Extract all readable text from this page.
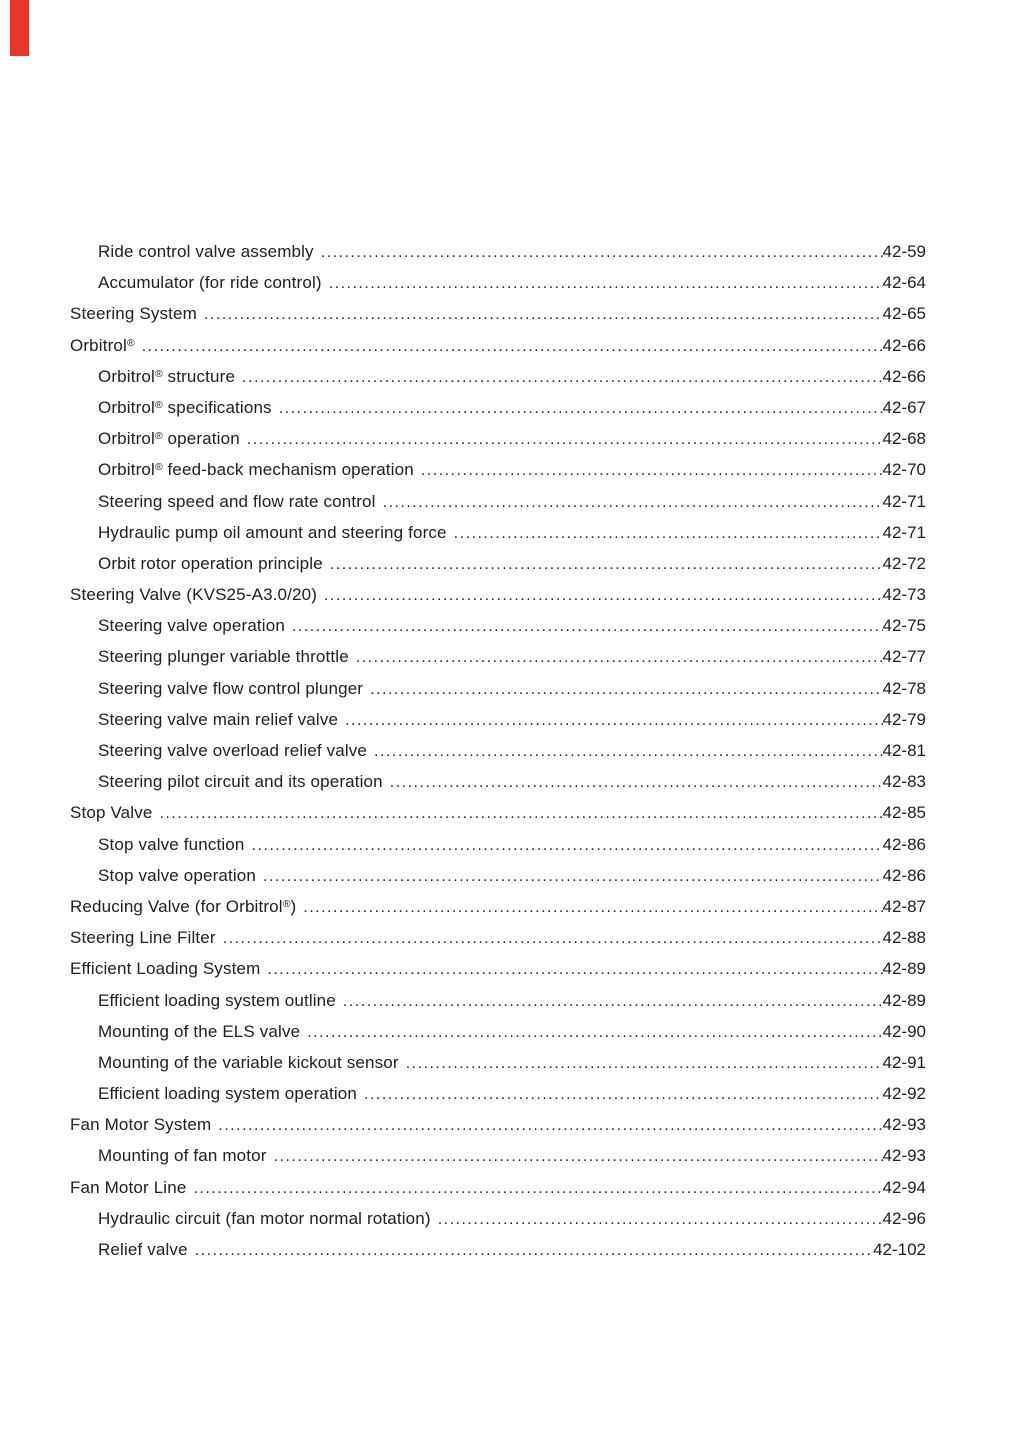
Ride control valve assembly .....	42-59
Accumulator (for ride control) .....	42-64
Steering System .....	42-65
Orbitrol® .....	42-66
Orbitrol® structure .....	42-66
Orbitrol® specifications .....	42-67
Orbitrol® operation .....	42-68
Orbitrol® feed-back mechanism operation .....	42-70
Steering speed and flow rate control .....	42-71
Hydraulic pump oil amount and steering force .....	42-71
Orbit rotor operation principle .....	42-72
Steering Valve (KVS25-A3.0/20) .....	42-73
Steering valve operation .....	42-75
Steering plunger variable throttle .....	42-77
Steering valve flow control plunger .....	42-78
Steering valve main relief valve .....	42-79
Steering valve overload relief valve .....	42-81
Steering pilot circuit and its operation .....	42-83
Stop Valve .....	42-85
Stop valve function .....	42-86
Stop valve operation .....	42-86
Reducing Valve (for Orbitrol®) .....	42-87
Steering Line Filter .....	42-88
Efficient Loading System .....	42-89
Efficient loading system outline .....	42-89
Mounting of the ELS valve .....	42-90
Mounting of the variable kickout sensor .....	42-91
Efficient loading system operation .....	42-92
Fan Motor System .....	42-93
Mounting of fan motor .....	42-93
Fan Motor Line .....	42-94
Hydraulic circuit (fan motor normal rotation) .....	42-96
Relief valve .....	42-102
